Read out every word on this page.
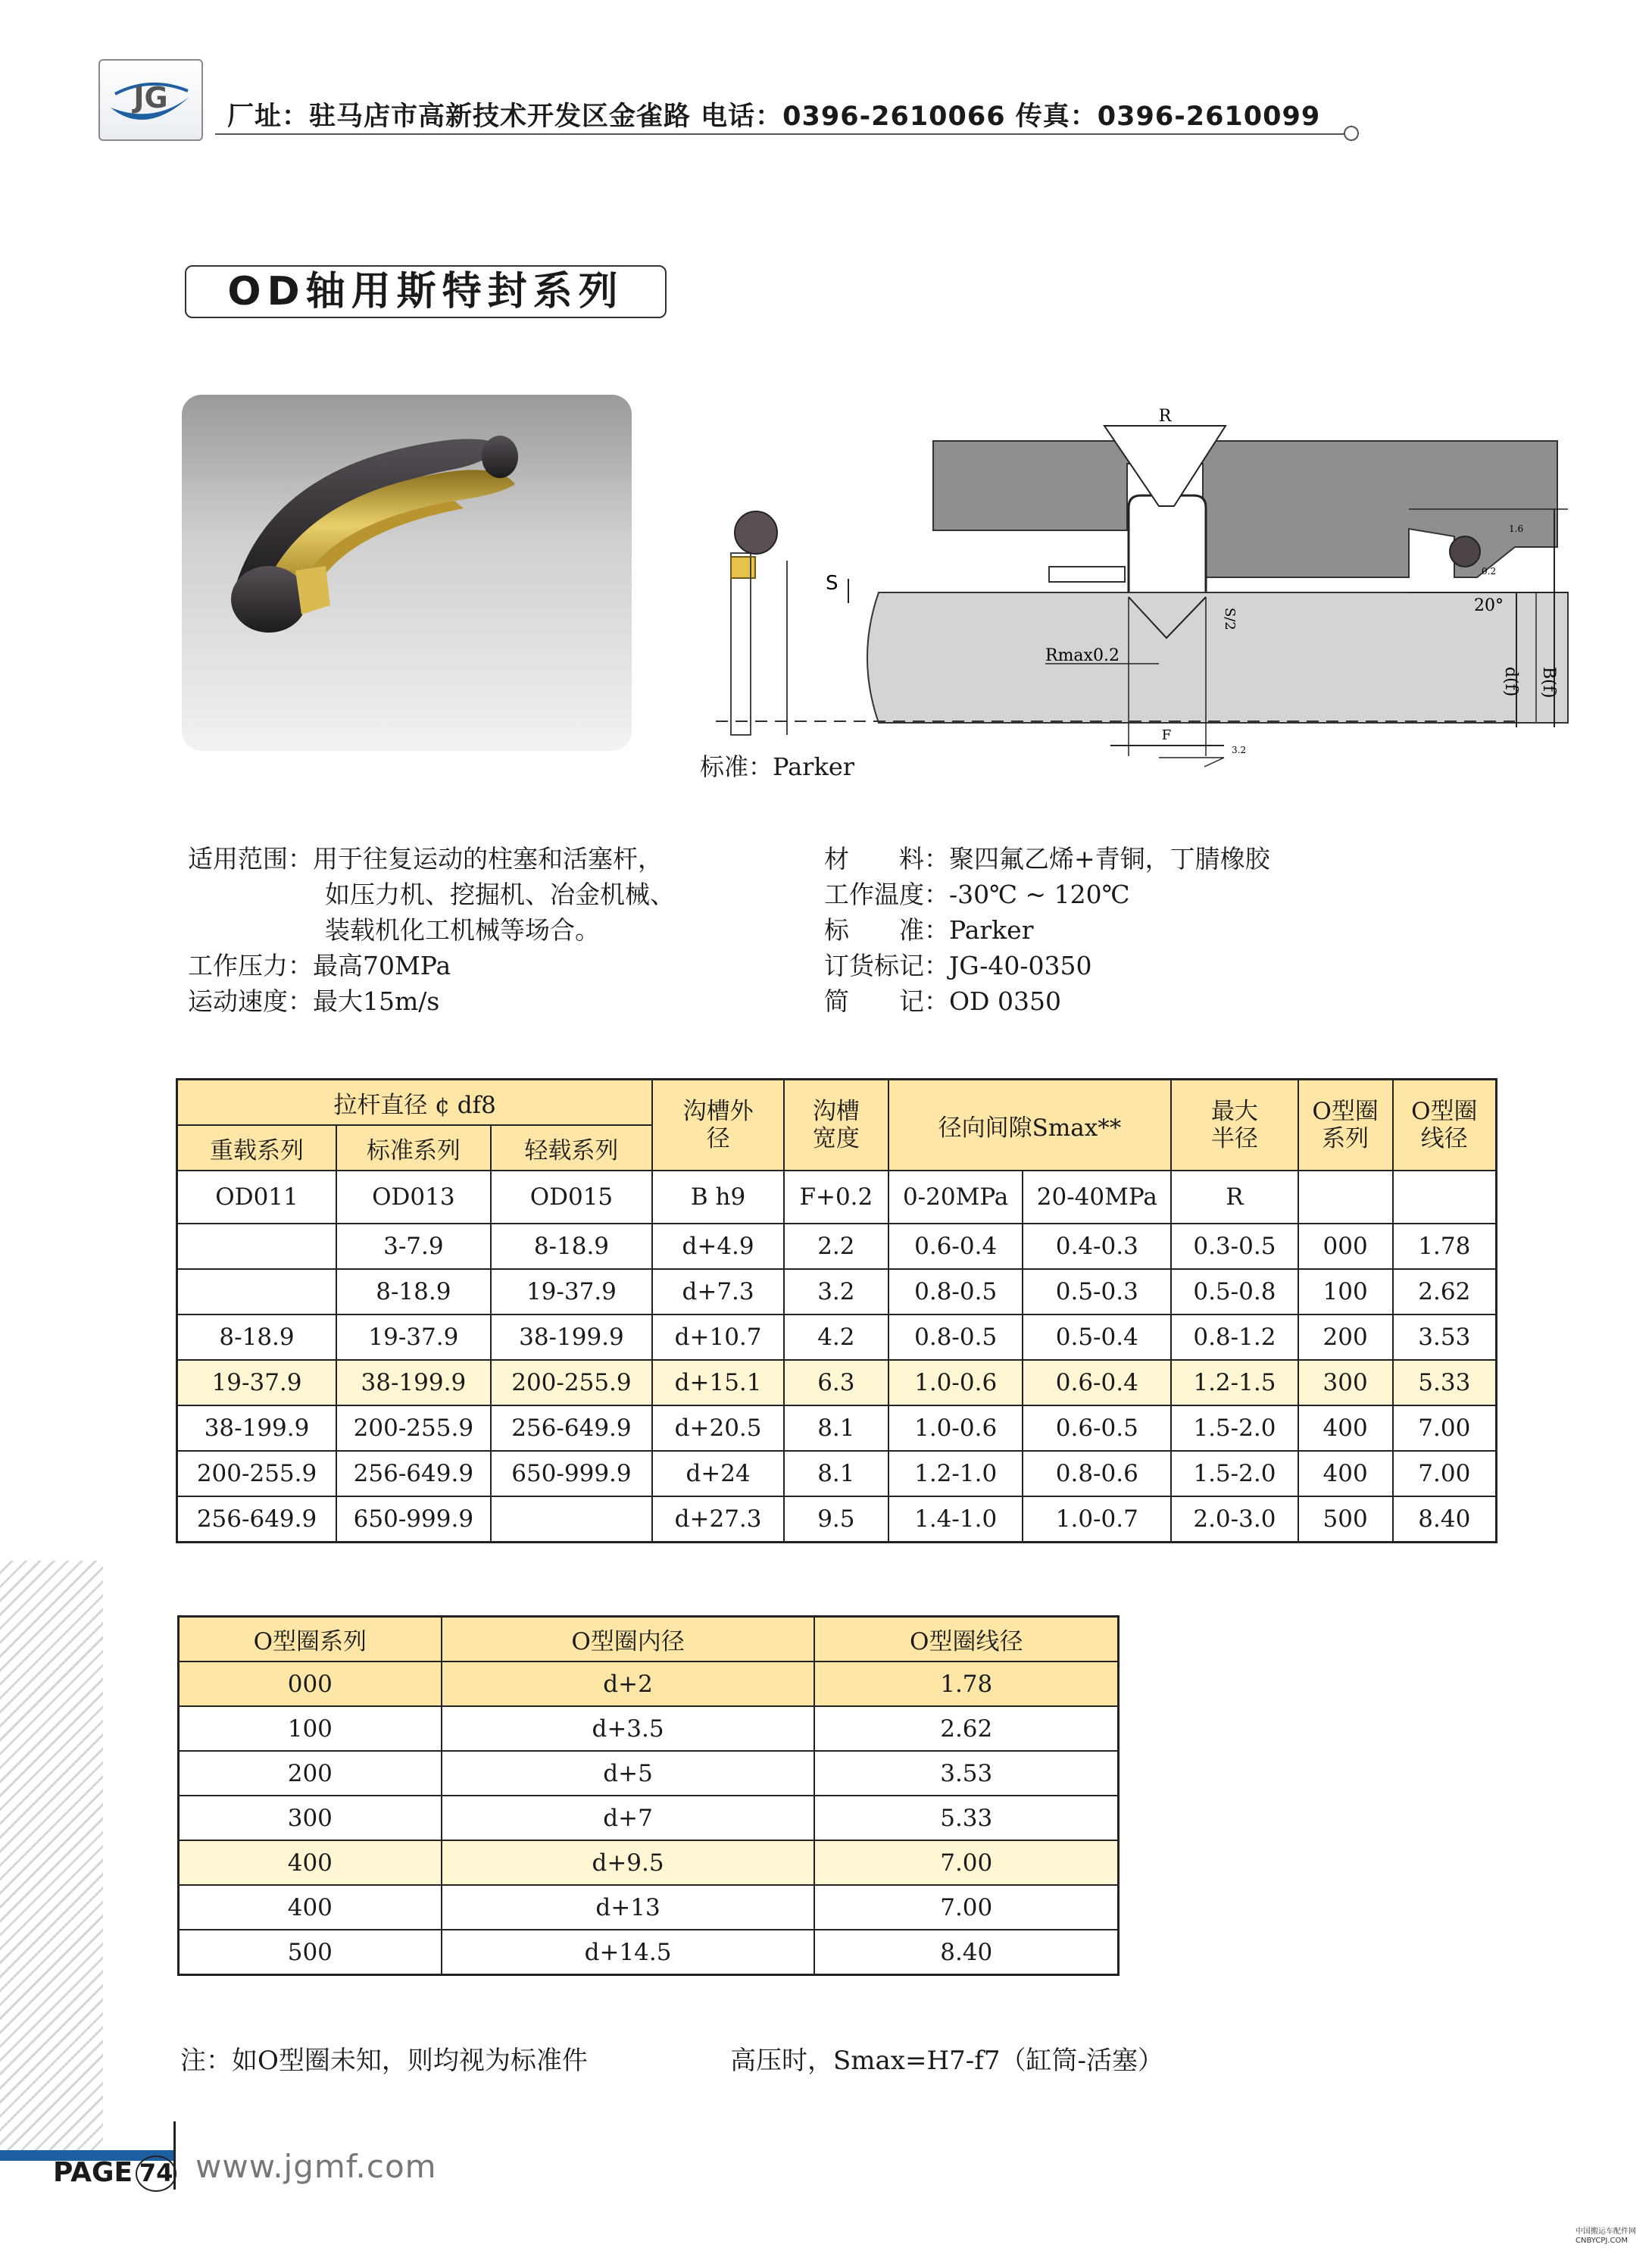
JG
厂址：驻马店市高新技术开发区金雀路 电话：0396-2610066 传真：0396-2610099
OD轴用斯特封系列
R
S
S/2
Rmax0.2
F
3.2
d(f) B(f)
20°
1.6
0.2
标准：Parker
适用范围：用于往复运动的柱塞和活塞杆，
如压力机、挖掘机、冶金机械、
装载机化工机械等场合。
工作压力：最高70MPa
运动速度：最大15m/s
材　　料：聚四氟乙烯+青铜，丁腈橡胶
工作温度：-30℃ ~ 120℃
标　　准：Parker
订货标记：JG-40-0350
简　　记：OD 0350
拉杆直径 ¢ df8			沟槽外径	沟槽宽度	径向间隙Smax**		最大半径	O型圈系列	O型圈线径

重载系列	标准系列	轻载系列							
OD011	OD013	OD015	B h9	F+0.2	0-20MPa	20-40MPa	R		
	3-7.9	8-18.9	d+4.9	2.2	0.6-0.4	0.4-0.3	0.3-0.5	000	1.78
	8-18.9	19-37.9	d+7.3	3.2	0.8-0.5	0.5-0.3	0.5-0.8	100	2.62
8-18.9	19-37.9	38-199.9	d+10.7	4.2	0.8-0.5	0.5-0.4	0.8-1.2	200	3.53
19-37.9	38-199.9	200-255.9	d+15.1	6.3	1.0-0.6	0.6-0.4	1.2-1.5	300	5.33
38-199.9	200-255.9	256-649.9	d+20.5	8.1	1.0-0.6	0.6-0.5	1.5-2.0	400	7.00
200-255.9	256-649.9	650-999.9	d+24	8.1	1.2-1.0	0.8-0.6	1.5-2.0	400	7.00
256-649.9	650-999.9		d+27.3	9.5	1.4-1.0	1.0-0.7	2.0-3.0	500	8.40
O型圈系列	O型圈内径	O型圈线径
000	d+2	1.78
100	d+3.5	2.62
200	d+5	3.53
300	d+7	5.33
400	d+9.5	7.00
400	d+13	7.00
500	d+14.5	8.40
注：如O型圈未知，则均视为标准件	高压时，Smax=H7-f7（缸筒-活塞）
PAGE 74 www.jgmf.com
中国搬运车配件网
CNBYCPJ.COM
